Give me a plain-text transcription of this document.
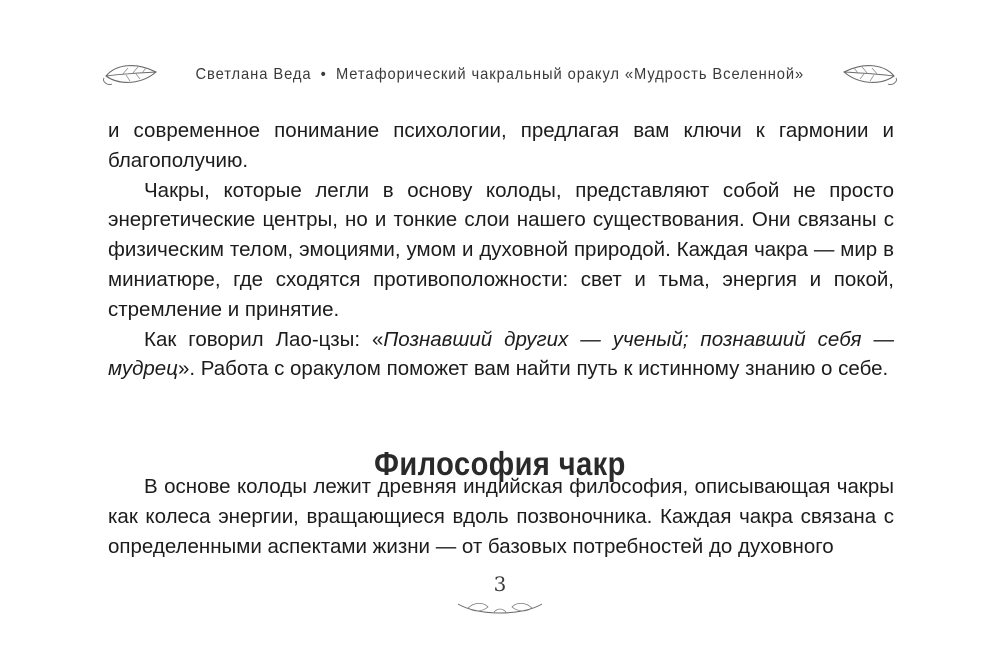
Светлана Веда • Метафорический чакральный оракул «Мудрость Вселенной»

и современное понимание психологии, предлагая вам ключи к гармонии и благополучию.

Чакры, которые легли в основу колоды, представляют собой не просто энергетические центры, но и тонкие слои нашего существования. Они связаны с физическим телом, эмоциями, умом и духовной природой. Каждая чакра — мир в миниатюре, где сходятся противоположности: свет и тьма, энергия и покой, стремление и принятие.

Как говорил Лао-цзы: «Познавший других — ученый; познавший себя — мудрец». Работа с оракулом поможет вам найти путь к истинному знанию о себе.

Философия чакр

В основе колоды лежит древняя индийская философия, описывающая чакры как колеса энергии, вращающиеся вдоль позвоночника. Каждая чакра связана с определенными аспектами жизни — от базовых потребностей до духовного

3
